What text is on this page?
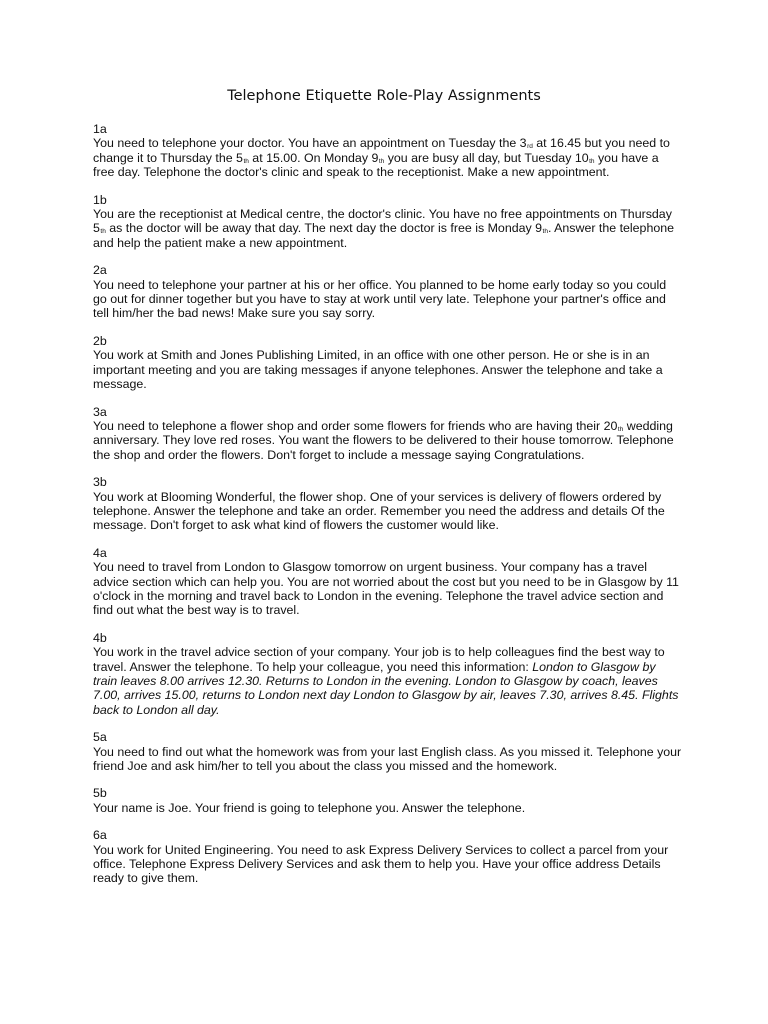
Telephone Etiquette Role-Play Assignments
1a
You need to telephone your doctor. You have an appointment on Tuesday the 3rd at 16.45 but you need to change it to Thursday the 5th at 15.00. On Monday 9th you are busy all day, but Tuesday 10th you have a free day. Telephone the doctor's clinic and speak to the receptionist. Make a new appointment.
1b
You are the receptionist at Medical centre, the doctor's clinic. You have no free appointments on Thursday 5th as the doctor will be away that day. The next day the doctor is free is Monday 9th. Answer the telephone and help the patient make a new appointment.
2a
You need to telephone your partner at his or her office. You planned to be home early today so you could go out for dinner together but you have to stay at work until very late. Telephone your partner's office and tell him/her the bad news! Make sure you say sorry.
2b
You work at Smith and Jones Publishing Limited, in an office with one other person. He or she is in an important meeting and you are taking messages if anyone telephones. Answer the telephone and take a message.
3a
You need to telephone a flower shop and order some flowers for friends who are having their 20th wedding anniversary. They love red roses. You want the flowers to be delivered to their house tomorrow. Telephone the shop and order the flowers. Don't forget to include a message saying Congratulations.
3b
You work at Blooming Wonderful, the flower shop. One of your services is delivery of flowers ordered by telephone. Answer the telephone and take an order. Remember you need the address and details Of the message. Don't forget to ask what kind of flowers the customer would like.
4a
You need to travel from London to Glasgow tomorrow on urgent business. Your company has a travel advice section which can help you. You are not worried about the cost but you need to be in Glasgow by 11 o'clock in the morning and travel back to London in the evening. Telephone the travel advice section and find out what the best way is to travel.
4b
You work in the travel advice section of your company. Your job is to help colleagues find the best way to travel. Answer the telephone. To help your colleague, you need this information: London to Glasgow by train leaves 8.00 arrives 12.30. Returns to London in the evening. London to Glasgow by coach, leaves 7.00, arrives 15.00, returns to London next day London to Glasgow by air, leaves 7.30, arrives 8.45. Flights back to London all day.
5a
You need to find out what the homework was from your last English class. As you missed it. Telephone your friend Joe and ask him/her to tell you about the class you missed and the homework.
5b
Your name is Joe. Your friend is going to telephone you. Answer the telephone.
6a
You work for United Engineering. You need to ask Express Delivery Services to collect a parcel from your office. Telephone Express Delivery Services and ask them to help you. Have your office address Details ready to give them.
